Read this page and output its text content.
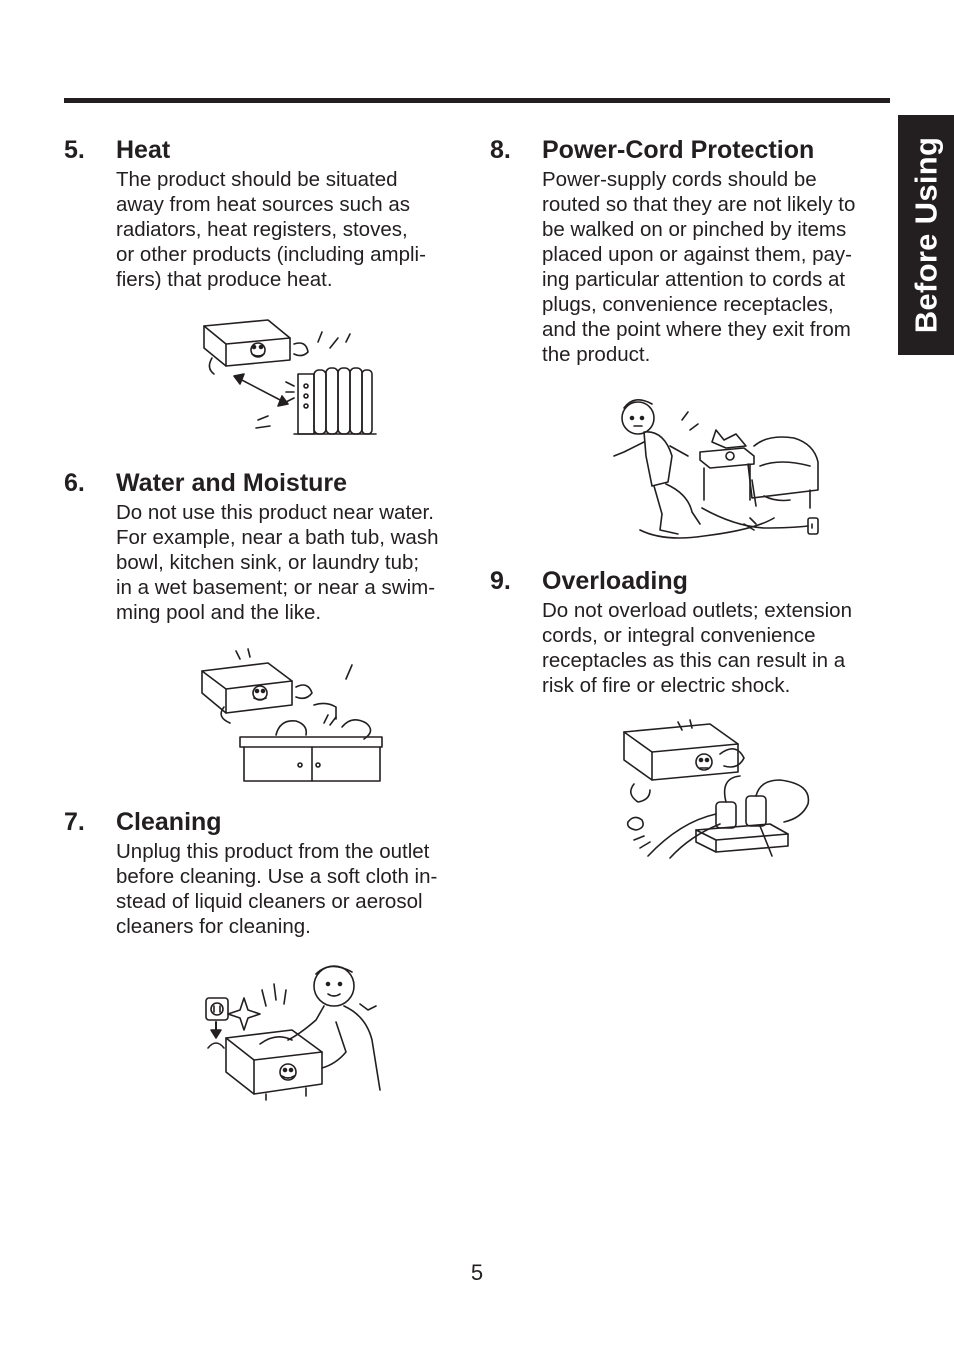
Before Using
5. Heat
The product should be situated
away from heat sources such as
radiators, heat registers, stoves,
or other products (including ampli-
fiers) that produce heat.
6. Water and Moisture
Do not use this product near water.
For example, near a bath tub, wash
bowl, kitchen sink, or laundry tub;
in a wet basement; or near a swim-
ming pool and the like.
7. Cleaning
Unplug this product from the outlet
before cleaning. Use a soft cloth in-
stead of liquid cleaners or aerosol
cleaners for cleaning.
8. Power-Cord Protection
Power-supply cords should be
routed so that they are not likely to
be walked on or pinched by items
placed upon or against them, pay-
ing particular attention to cords at
plugs, convenience receptacles,
and the point where they exit from
the product.
9. Overloading
Do not overload outlets; extension
cords, or integral convenience
receptacles as this can result in a
risk of fire or electric shock.
5
